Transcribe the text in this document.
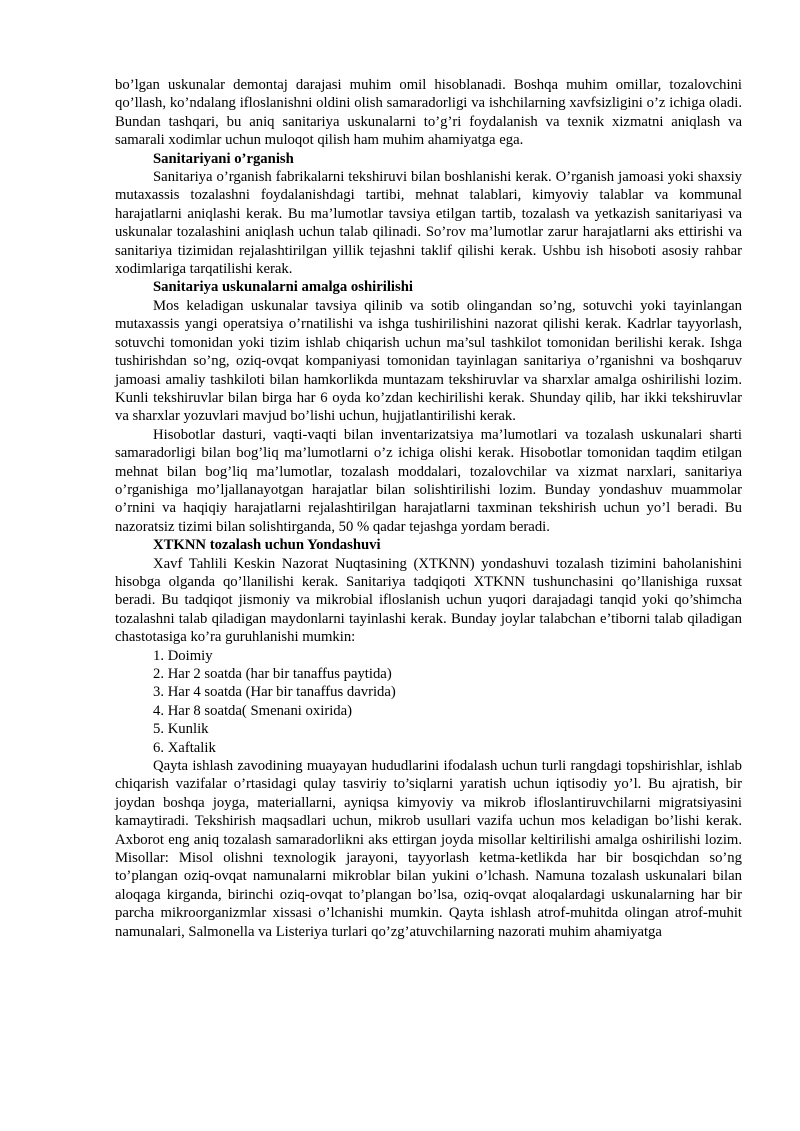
bo’lgan uskunalar demontaj darajasi muhim omil hisoblanadi. Boshqa muhim omillar, tozalovchini qo’llash, ko’ndalang ifloslanishni oldini olish samaradorligi va ishchilarning xavfsizligini o’z ichiga oladi. Bundan tashqari, bu aniq sanitariya uskunalarni to’g’ri foydalanish va texnik xizmatni aniqlash va samarali xodimlar uchun muloqot qilish ham muhim ahamiyatga ega.

Sanitariyani o’rganish

Sanitariya o’rganish fabrikalarni tekshiruvi bilan boshlanishi kerak. O’rganish jamoasi yoki shaxsiy mutaxassis tozalashni foydalanishdagi tartibi, mehnat talablari, kimyoviy talablar va kommunal harajatlarni aniqlashi kerak. Bu ma’lumotlar tavsiya etilgan tartib, tozalash va yetkazish sanitariyasi va uskunalar tozalashini aniqlash uchun talab qilinadi. So’rov ma’lumotlar zarur harajatlarni aks ettirishi va sanitariya tizimidan rejalashtirilgan yillik tejashni taklif qilishi kerak. Ushbu ish hisoboti asosiy rahbar xodimlariga tarqatilishi kerak.

Sanitariya uskunalarni amalga oshirilishi

Mos keladigan uskunalar tavsiya qilinib va sotib olingandan so’ng, sotuvchi yoki tayinlangan mutaxassis yangi operatsiya o’rnatilishi va ishga tushirilishini nazorat qilishi kerak. Kadrlar tayyorlash, sotuvchi tomonidan yoki tizim ishlab chiqarish uchun ma’sul tashkilot tomonidan berilishi kerak. Ishga tushirishdan so’ng, oziq-ovqat kompaniyasi tomonidan tayinlagan sanitariya o’rganishni va boshqaruv jamoasi amaliy tashkiloti bilan hamkorlikda muntazam tekshiruvlar va sharxlar amalga oshirilishi lozim. Kunli tekshiruvlar bilan birga har 6 oyda ko’zdan kechirilishi kerak. Shunday qilib, har ikki tekshiruvlar va sharxlar yozuvlari mavjud bo’lishi uchun, hujjatlantirilishi kerak.

Hisobotlar dasturi, vaqti-vaqti bilan inventarizatsiya ma’lumotlari va tozalash uskunalari sharti samaradorligi bilan bog’liq ma’lumotlarni o’z ichiga olishi kerak. Hisobotlar tomonidan taqdim etilgan mehnat bilan bog’liq ma’lumotlar, tozalash moddalari, tozalovchilar va xizmat narxlari, sanitariya o’rganishiga mo’ljallanayotgan harajatlar bilan solishtirilishi lozim. Bunday yondashuv muammolar o’rnini va haqiqiy harajatlarni rejalashtirilgan harajatlarni taxminan tekshirish uchun yo’l beradi. Bu nazoratsiz tizimi bilan solishtirganda, 50 % qadar tejashga yordam beradi.

XTKNN tozalash uchun Yondashuvi

Xavf Tahlili Keskin Nazorat Nuqtasining (XTKNN) yondashuvi tozalash tizimini baholanishini hisobga olganda qo’llanilishi kerak. Sanitariya tadqiqoti XTKNN tushunchasini qo’llanishiga ruxsat beradi. Bu tadqiqot jismoniy va mikrobial ifloslanish uchun yuqori darajadagi tanqid yoki qo’shimcha tozalashni talab qiladigan maydonlarni tayinlashi kerak. Bunday joylar talabchan e’tiborni talab qiladigan chastotasiga ko’ra guruhlanishi mumkin:

1. Doimiy
2. Har 2 soatda (har bir tanaffus paytida)
3. Har 4 soatda (Har bir tanaffus davrida)
4. Har 8 soatda( Smenani oxirida)
5. Kunlik
6. Xaftalik

Qayta ishlash zavodining muayayan hududlarini ifodalash uchun turli rangdagi topshirishlar, ishlab chiqarish vazifalar o’rtasidagi qulay tasviriy to’siqlarni yaratish uchun iqtisodiy yo’l. Bu ajratish, bir joydan boshqa joyga, materiallarni, ayniqsa kimyoviy va mikrob ifloslantiruvchilarni migratsiyasini kamaytiradi. Tekshirish maqsadlari uchun, mikrob usullari vazifa uchun mos keladigan bo’lishi kerak. Axborot eng aniq tozalash samaradorlikni aks ettirgan joyda misollar keltirilishi amalga oshirilishi lozim. Misollar: Misol olishni texnologik jarayoni, tayyorlash ketma-ketlikda har bir bosqichdan so’ng to’plangan oziq-ovqat namunalarni mikroblar bilan yukini o’lchash. Namuna tozalash uskunalari bilan aloqaga kirganda, birinchi oziq-ovqat to’plangan bo’lsa, oziq-ovqat aloqalardagi uskunalarning har bir parcha mikroorganizmlar xissasi o’lchanishi mumkin. Qayta ishlash atrof-muhitda olingan atrof-muhit namunalari, Salmonella va Listeriya turlari qo’zg’atuvchilarning nazorati muhim ahamiyatga
